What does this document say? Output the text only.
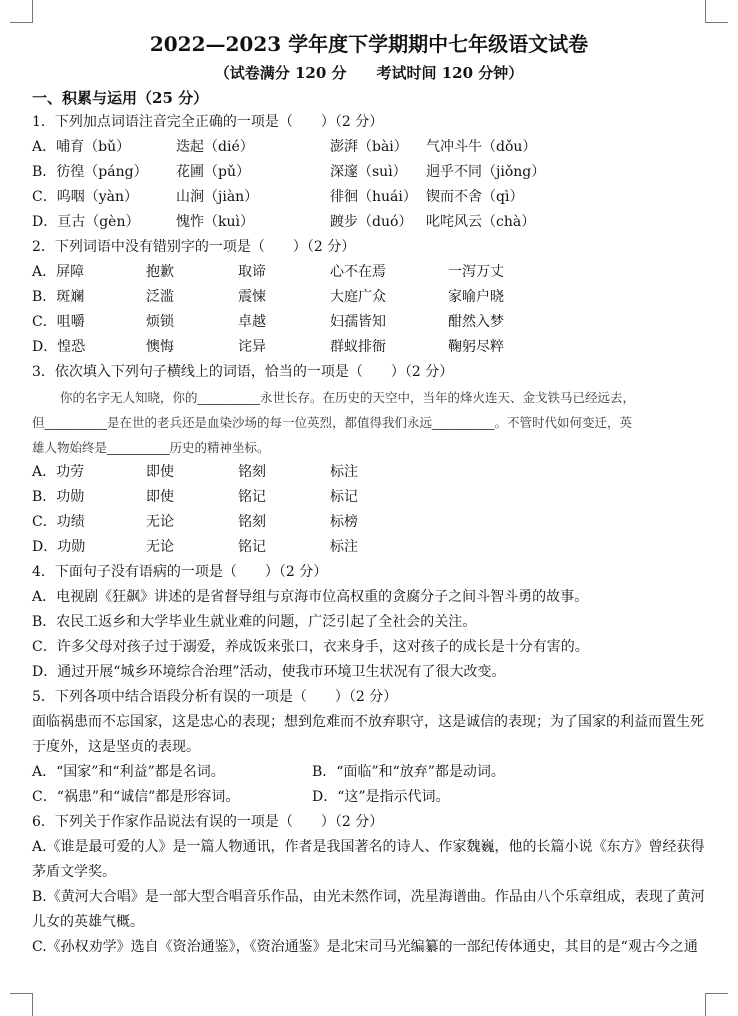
2022—2023 学年度下学期期中七年级语文试卷
（试卷满分 120 分　　考试时间 120 分钟）
一、积累与运用（25 分）
1．下列加点词语注音完全正确的一项是（　　）（2 分）
A．哺育（bǔ）	迭起（dié）	澎湃（bài） 气冲斗牛（dǒu）
B．彷徨（páng） 花圃（pǔ）	深邃（suì） 迥乎不同（jiǒng）
C．呜咽（yàn）	山涧（jiàn）	徘徊（huái） 锲而不舍（qì）
D．亘古（gèn）	愧怍（kuì）	踱步（duó） 叱咤风云（chà）
2．下列词语中没有错别字的一项是（　　）（2 分）
A．屏障	抱歉	取谛	心不在焉	一泻万丈
B．斑斓	泛滥	震悚	大庭广众	家喻户晓
C．咀嚼	烦锁	卓越	妇孺皆知	酣然入梦
D．惶恐	懊悔	诧异	群蚁排衙	鞠躬尽粹
3．依次填入下列句子横线上的词语，恰当的一项是（　　）（2 分）
你的名字无人知晓，你的__________永世长存。在历史的天空中，当年的烽火连天、金戈铁马已经远去，
但__________是在世的老兵还是血染沙场的每一位英烈，都值得我们永远__________。不管时代如何变迁，英
雄人物始终是__________历史的精神坐标。
A．功劳	即使	铭刻	标注
B．功勋	即使	铭记	标记
C．功绩	无论	铭刻	标榜
D．功勋	无论	铭记	标注
4．下面句子没有语病的一项是（　　）（2 分）
A．电视剧《狂飙》讲述的是省督导组与京海市位高权重的贪腐分子之间斗智斗勇的故事。
B．农民工返乡和大学毕业生就业难的问题，广泛引起了全社会的关注。
C．许多父母对孩子过于溺爱，养成饭来张口，衣来身手，这对孩子的成长是十分有害的。
D．通过开展“城乡环境综合治理”活动，使我市环境卫生状况有了很大改变。
5．下列各项中结合语段分析有误的一项是（　　）（2 分）
面临祸患而不忘国家，这是忠心的表现；想到危难而不放弃职守，这是诚信的表现；为了国家的利益而置生死于度外，这是坚贞的表现。
A．“国家”和“利益”都是名词。	B．“面临”和“放弃”都是动词。
C．“祸患”和“诚信”都是形容词。	D．“这”是指示代词。
6．下列关于作家作品说法有误的一项是（　　）（2 分）
A.《谁是最可爱的人》是一篇人物通讯，作者是我国著名的诗人、作家魏巍，他的长篇小说《东方》曾经获得茅盾文学奖。
B.《黄河大合唱》是一部大型合唱音乐作品，由光未然作词，冼星海谱曲。作品由八个乐章组成，表现了黄河儿女的英雄气概。
C.《孙权劝学》选自《资治通鉴》，《资治通鉴》是北宋司马光编纂的一部纪传体通史，其目的是“观古今之通
